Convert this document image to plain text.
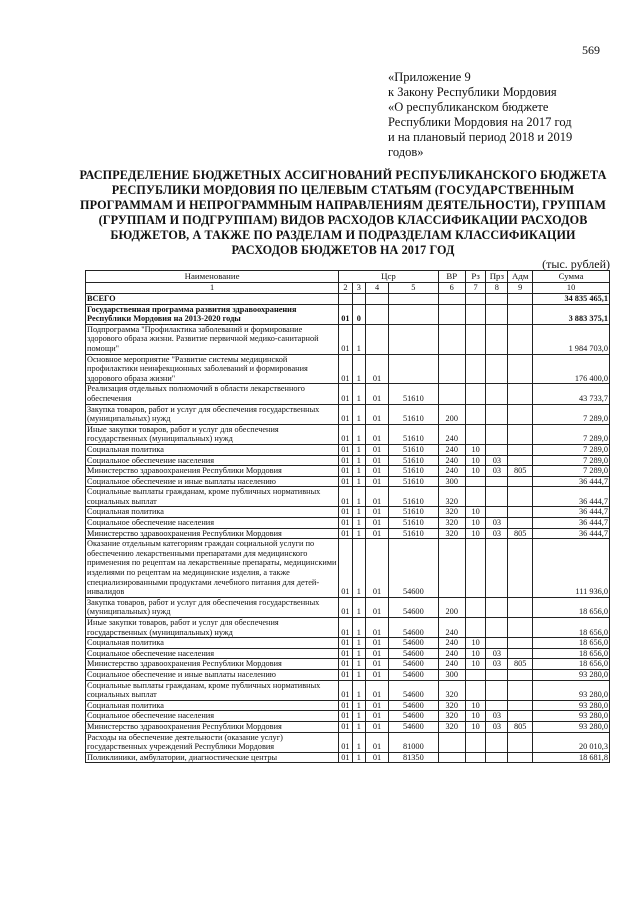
569
«Приложение 9
к Закону Республики Мордовия
«О республиканском бюджете
Республики Мордовия на 2017 год
и на плановый период 2018 и 2019
годов»
РАСПРЕДЕЛЕНИЕ БЮДЖЕТНЫХ АССИГНОВАНИЙ РЕСПУБЛИКАНСКОГО БЮДЖЕТА РЕСПУБЛИКИ МОРДОВИЯ ПО ЦЕЛЕВЫМ СТАТЬЯМ (ГОСУДАРСТВЕННЫМ ПРОГРАММАМ И НЕПРОГРАММНЫМ НАПРАВЛЕНИЯМ ДЕЯТЕЛЬНОСТИ), ГРУППАМ (ГРУППАМ И ПОДГРУППАМ) ВИДОВ РАСХОДОВ КЛАССИФИКАЦИИ РАСХОДОВ БЮДЖЕТОВ, А ТАКЖЕ ПО РАЗДЕЛАМ И ПОДРАЗДЕЛАМ КЛАССИФИКАЦИИ РАСХОДОВ БЮДЖЕТОВ НА 2017 ГОД
(тыс. рублей)
Наименование	Цср				ВР	Рз	Прз	Адм	Сумма
1	2	3	4	5	6	7	8	9	10
ВСЕГО									34 835 465,1
Государственная программа развития здравоохранения Республики Мордовия на 2013-2020 годы	01	0							3 883 375,1
Подпрограмма "Профилактика заболеваний и формирование здорового образа жизни. Развитие первичной медико-санитарной помощи"	01	1							1 984 703,0
Основное мероприятие "Развитие системы медицинской профилактики неинфекционных заболеваний и формирования здорового образа жизни"	01	1	01						176 400,0
Реализация отдельных полномочий в области лекарственного обеспечения	01	1	01	51610					43 733,7
Закупка товаров, работ и услуг для обеспечения государственных (муниципальных) нужд	01	1	01	51610	200				7 289,0
Иные закупки товаров, работ и услуг для обеспечения государственных (муниципальных) нужд	01	1	01	51610	240				7 289,0
Социальная политика	01	1	01	51610	240	10			7 289,0
Социальное обеспечение населения	01	1	01	51610	240	10	03		7 289,0
Министерство здравоохранения Республики Мордовия	01	1	01	51610	240	10	03	805	7 289,0
Социальное обеспечение и иные выплаты населению	01	1	01	51610	300				36 444,7
Социальные выплаты гражданам, кроме публичных нормативных социальных выплат	01	1	01	51610	320				36 444,7
Социальная политика	01	1	01	51610	320	10			36 444,7
Социальное обеспечение населения	01	1	01	51610	320	10	03		36 444,7
Министерство здравоохранения Республики Мордовия	01	1	01	51610	320	10	03	805	36 444,7
Оказание отдельным категориям граждан социальной услуги по обеспечению лекарственными препаратами для медицинского применения по рецептам на лекарственные препараты, медицинскими изделиями по рецептам на медицинские изделия, а также специализированными продуктами лечебного питания для детей-инвалидов	01	1	01	54600					111 936,0
Закупка товаров, работ и услуг для обеспечения государственных (муниципальных) нужд	01	1	01	54600	200				18 656,0
Иные закупки товаров, работ и услуг для обеспечения государственных (муниципальных) нужд	01	1	01	54600	240				18 656,0
Социальная политика	01	1	01	54600	240	10			18 656,0
Социальное обеспечение населения	01	1	01	54600	240	10	03		18 656,0
Министерство здравоохранения Республики Мордовия	01	1	01	54600	240	10	03	805	18 656,0
Социальное обеспечение и иные выплаты населению	01	1	01	54600	300				93 280,0
Социальные выплаты гражданам, кроме публичных нормативных социальных выплат	01	1	01	54600	320				93 280,0
Социальная политика	01	1	01	54600	320	10			93 280,0
Социальное обеспечение населения	01	1	01	54600	320	10	03		93 280,0
Министерство здравоохранения Республики Мордовия	01	1	01	54600	320	10	03	805	93 280,0
Расходы на обеспечение деятельности (оказание услуг) государственных учреждений Республики Мордовия	01	1	01	81000					20 010,3
Поликлиники, амбулатории, диагностические центры	01	1	01	81350					18 681,8
